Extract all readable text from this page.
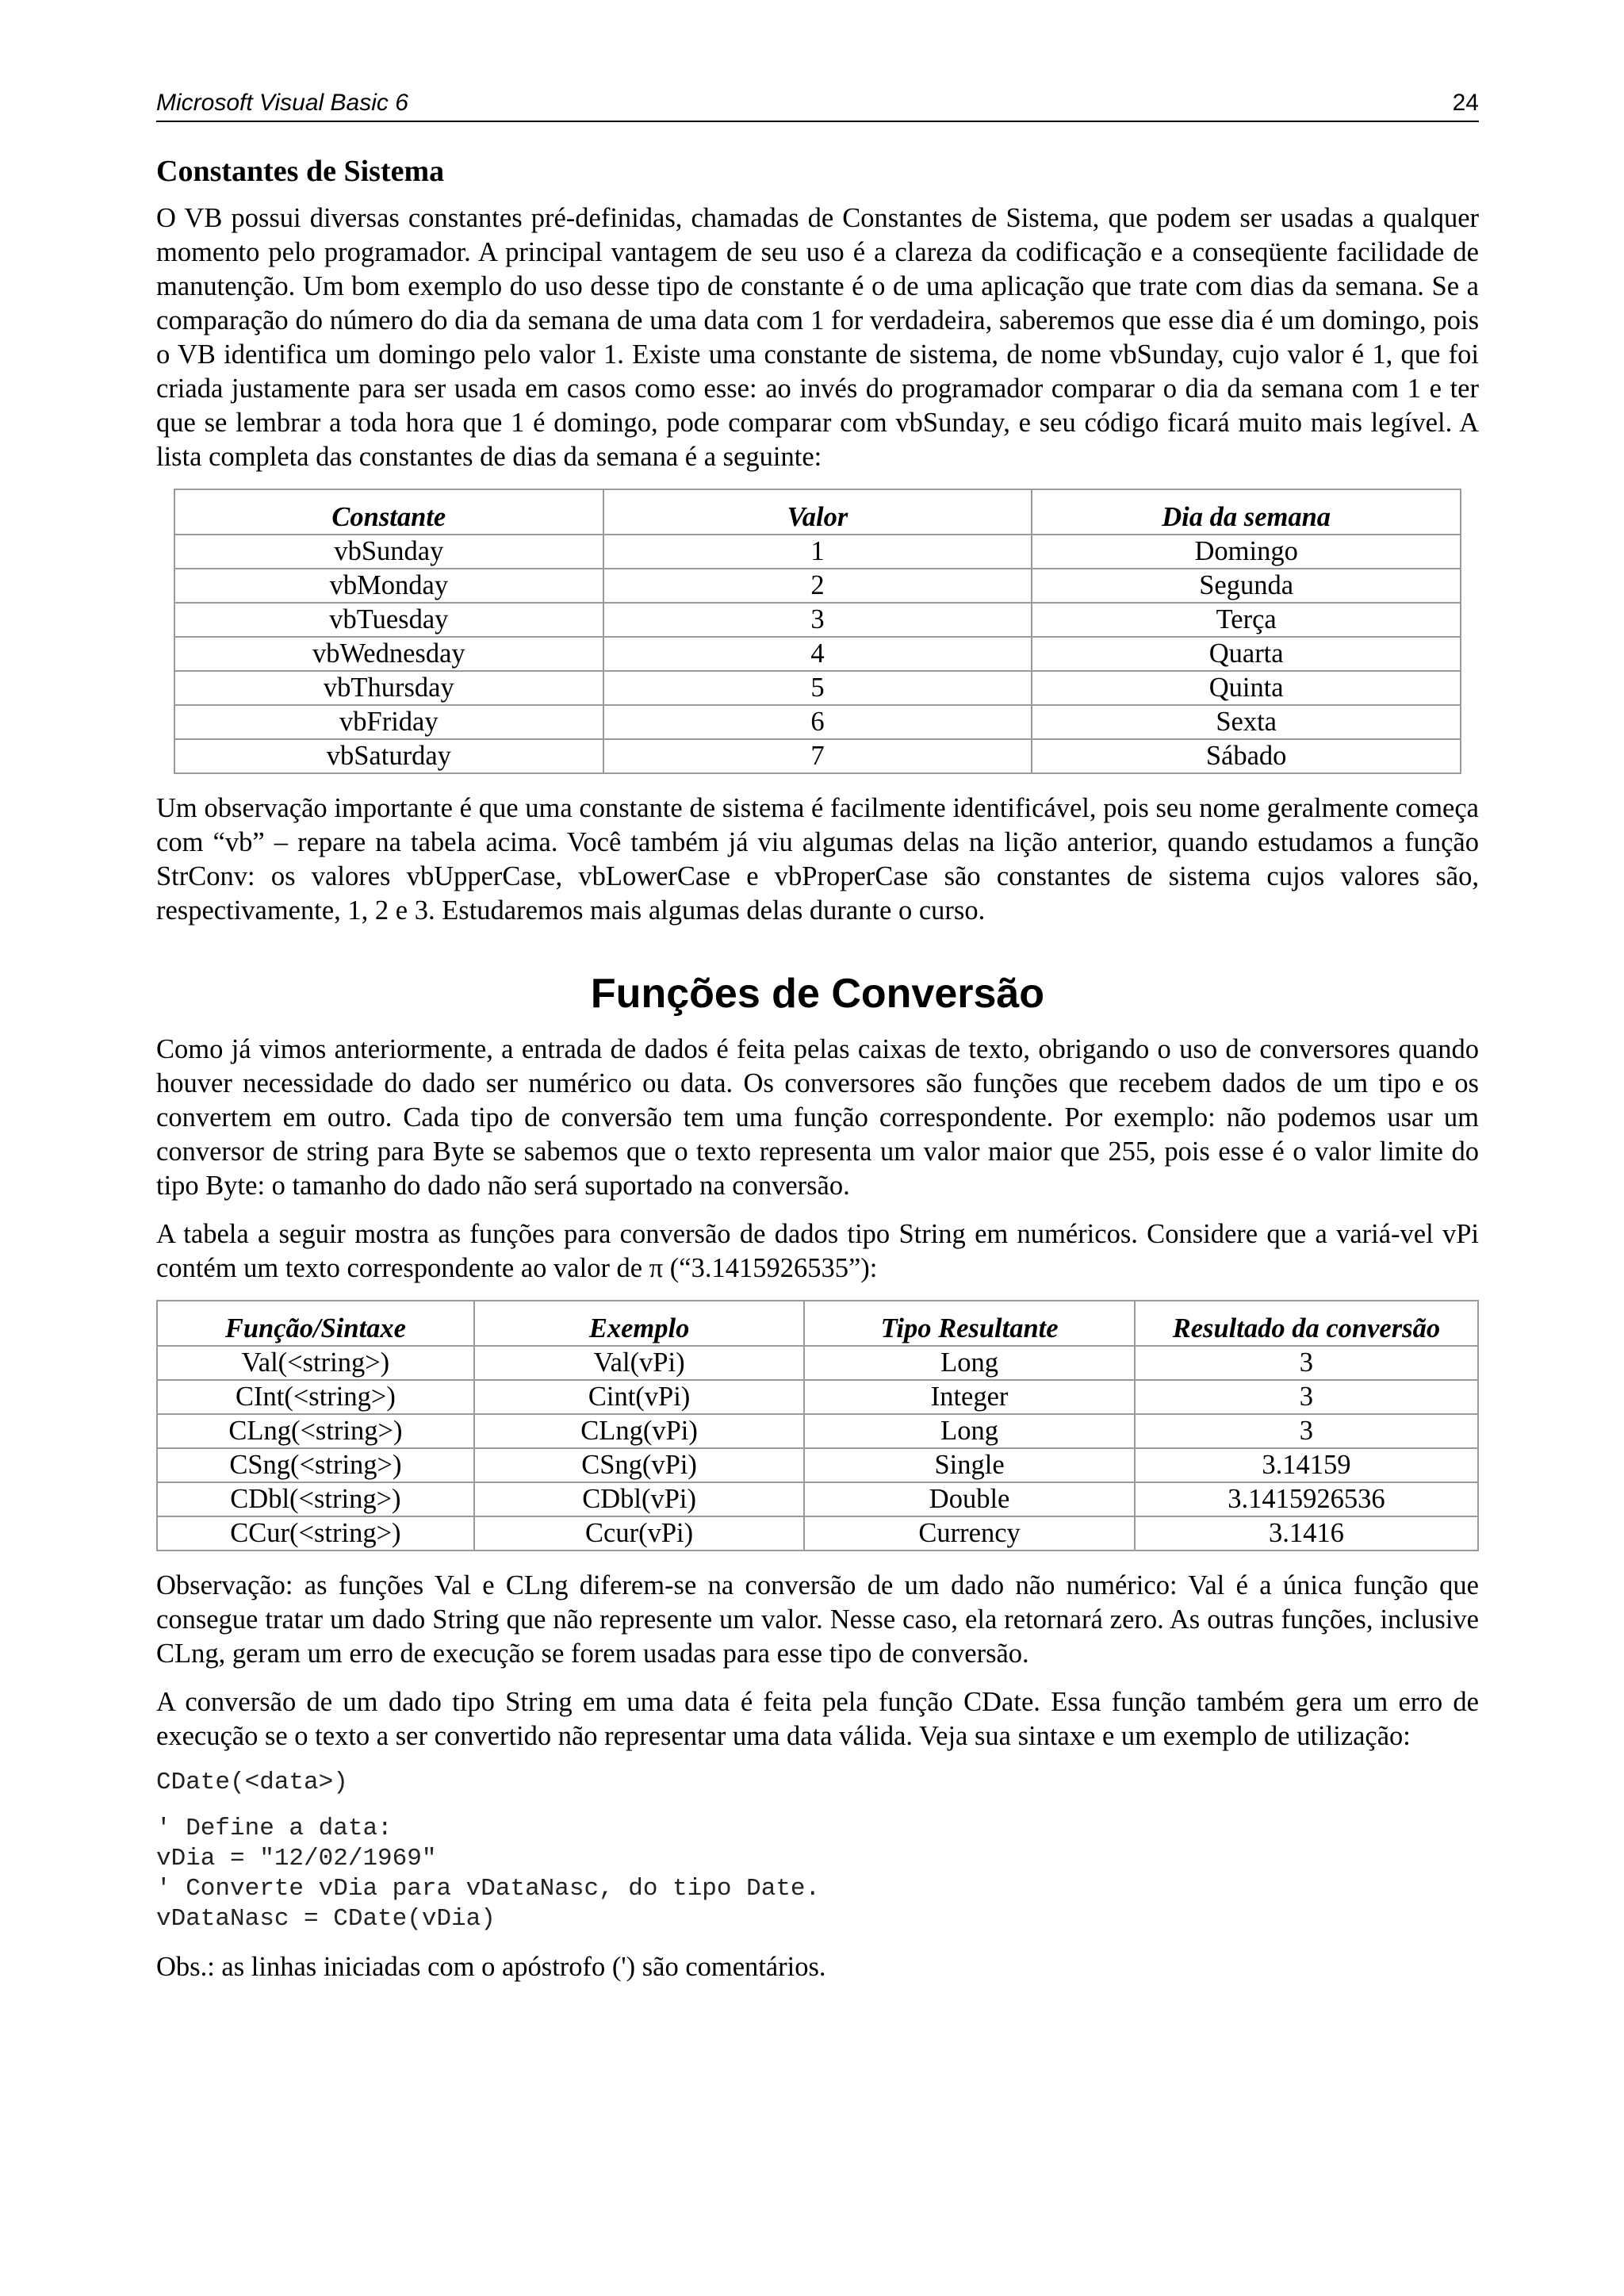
Microsoft Visual Basic 6	24
Constantes de Sistema

O VB possui diversas constantes pré-definidas, chamadas de Constantes de Sistema, que podem ser usadas a qualquer momento pelo programador. A principal vantagem de seu uso é a clareza da codificação e a conseqüente facilidade de manutenção. Um bom exemplo do uso desse tipo de constante é o de uma aplicação que trate com dias da semana. Se a comparação do número do dia da semana de uma data com 1 for verdadeira, saberemos que esse dia é um domingo, pois o VB identifica um domingo pelo valor 1. Existe uma constante de sistema, de nome vbSunday, cujo valor é 1, que foi criada justamente para ser usada em casos como esse: ao invés do programador comparar o dia da semana com 1 e ter que se lembrar a toda hora que 1 é domingo, pode comparar com vbSunday, e seu código ficará muito mais legível. A lista completa das constantes de dias da semana é a seguinte:

Constante	Valor	Dia da semana
vbSunday	1	Domingo
vbMonday	2	Segunda
vbTuesday	3	Terça
vbWednesday	4	Quarta
vbThursday	5	Quinta
vbFriday	6	Sexta
vbSaturday	7	Sábado

Um observação importante é que uma constante de sistema é facilmente identificável, pois seu nome geralmente começa com “vb” – repare na tabela acima. Você também já viu algumas delas na lição anterior, quando estudamos a função StrConv: os valores vbUpperCase, vbLowerCase e vbProperCase são constantes de sistema cujos valores são, respectivamente, 1, 2 e 3. Estudaremos mais algumas delas durante o curso.

Funções de Conversão

Como já vimos anteriormente, a entrada de dados é feita pelas caixas de texto, obrigando o uso de conversores quando houver necessidade do dado ser numérico ou data. Os conversores são funções que recebem dados de um tipo e os convertem em outro. Cada tipo de conversão tem uma função correspondente. Por exemplo: não podemos usar um conversor de string para Byte se sabemos que o texto representa um valor maior que 255, pois esse é o valor limite do tipo Byte: o tamanho do dado não será suportado na conversão.

A tabela a seguir mostra as funções para conversão de dados tipo String em numéricos. Considere que a variá-vel vPi contém um texto correspondente ao valor de π (“3.1415926535”):

Função/Sintaxe	Exemplo	Tipo Resultante	Resultado da conversão
Val(<string>)	Val(vPi)	Long	3
CInt(<string>)	Cint(vPi)	Integer	3
CLng(<string>)	CLng(vPi)	Long	3
CSng(<string>)	CSng(vPi)	Single	3.14159
CDbl(<string>)	CDbl(vPi)	Double	3.1415926536
CCur(<string>)	Ccur(vPi)	Currency	3.1416

Observação: as funções Val e CLng diferem-se na conversão de um dado não numérico: Val é a única função que consegue tratar um dado String que não represente um valor. Nesse caso, ela retornará zero. As outras funções, inclusive CLng, geram um erro de execução se forem usadas para esse tipo de conversão.

A conversão de um dado tipo String em uma data é feita pela função CDate. Essa função também gera um erro de execução se o texto a ser convertido não representar uma data válida. Veja sua sintaxe e um exemplo de utilização:

CDate(<data>)
' Define a data:
vDia = "12/02/1969"
' Converte vDia para vDataNasc, do tipo Date.
vDataNasc = CDate(vDia)

Obs.: as linhas iniciadas com o apóstrofo (') são comentários.
